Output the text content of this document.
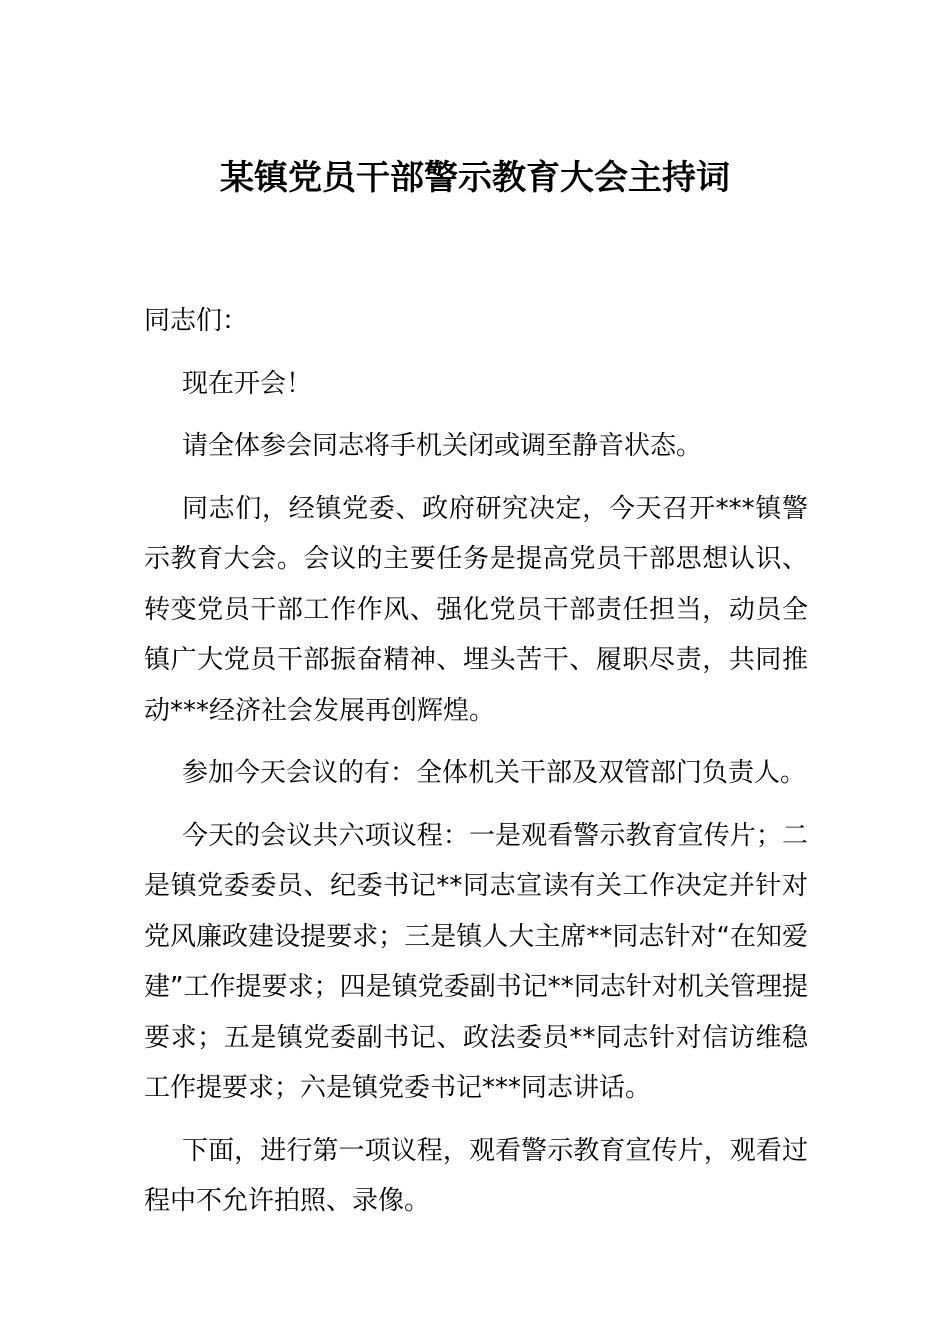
某镇党员干部警示教育大会主持词

同志们：

现在开会！

请全体参会同志将手机关闭或调至静音状态。

同志们，经镇党委、政府研究决定，今天召开***镇警示教育大会。会议的主要任务是提高党员干部思想认识、转变党员干部工作作风、强化党员干部责任担当，动员全镇广大党员干部振奋精神、埋头苦干、履职尽责，共同推动***经济社会发展再创辉煌。

参加今天会议的有：全体机关干部及双管部门负责人。

今天的会议共六项议程：一是观看警示教育宣传片；二是镇党委委员、纪委书记**同志宣读有关工作决定并针对党风廉政建设提要求；三是镇人大主席**同志针对“在知爱建”工作提要求；四是镇党委副书记**同志针对机关管理提要求；五是镇党委副书记、政法委员**同志针对信访维稳工作提要求；六是镇党委书记***同志讲话。

下面，进行第一项议程，观看警示教育宣传片，观看过程中不允许拍照、录像。
